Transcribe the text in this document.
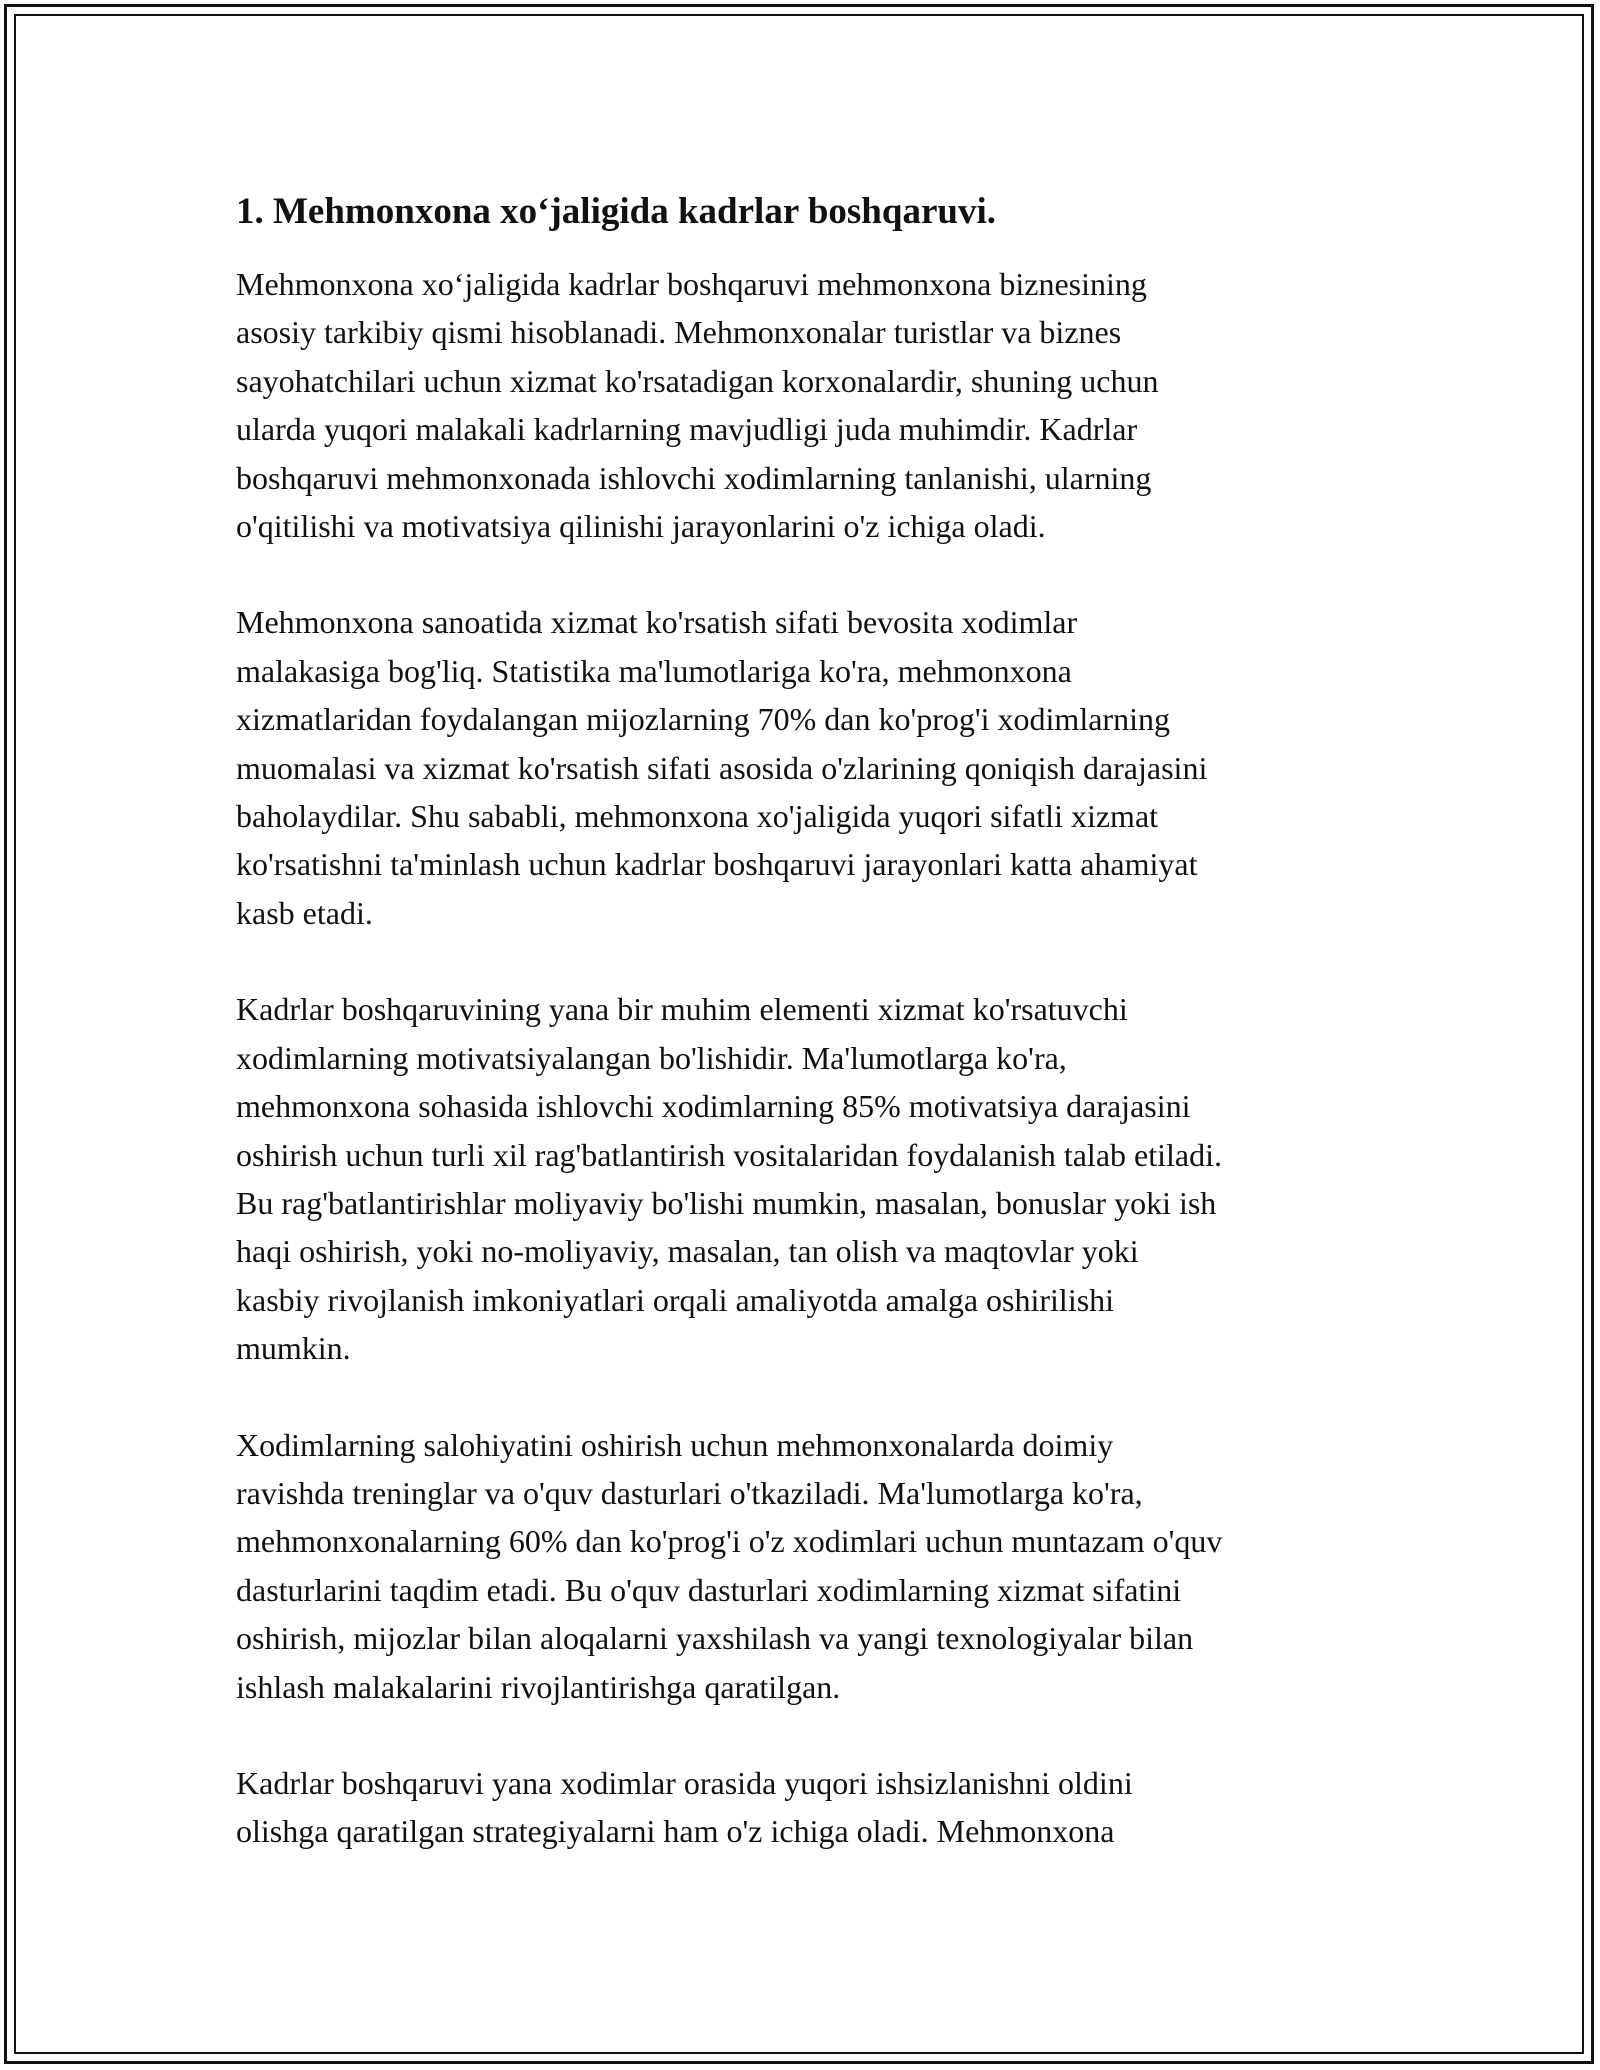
1. Mehmonxona xo‘jaligida kadrlar boshqaruvi.

Mehmonxona xo‘jaligida kadrlar boshqaruvi mehmonxona biznesining
asosiy tarkibiy qismi hisoblanadi. Mehmonxonalar turistlar va biznes
sayohatchilari uchun xizmat ko'rsatadigan korxonalardir, shuning uchun
ularda yuqori malakali kadrlarning mavjudligi juda muhimdir. Kadrlar
boshqaruvi mehmonxonada ishlovchi xodimlarning tanlanishi, ularning
o'qitilishi va motivatsiya qilinishi jarayonlarini o'z ichiga oladi.

Mehmonxona sanoatida xizmat ko'rsatish sifati bevosita xodimlar
malakasiga bog'liq. Statistika ma'lumotlariga ko'ra, mehmonxona
xizmatlaridan foydalangan mijozlarning 70% dan ko'prog'i xodimlarning
muomalasi va xizmat ko'rsatish sifati asosida o'zlarining qoniqish darajasini
baholaydilar. Shu sababli, mehmonxona xo'jaligida yuqori sifatli xizmat
ko'rsatishni ta'minlash uchun kadrlar boshqaruvi jarayonlari katta ahamiyat
kasb etadi.

Kadrlar boshqaruvining yana bir muhim elementi xizmat ko'rsatuvchi
xodimlarning motivatsiyalangan bo'lishidir. Ma'lumotlarga ko'ra,
mehmonxona sohasida ishlovchi xodimlarning 85% motivatsiya darajasini
oshirish uchun turli xil rag'batlantirish vositalaridan foydalanish talab etiladi.
Bu rag'batlantirishlar moliyaviy bo'lishi mumkin, masalan, bonuslar yoki ish
haqi oshirish, yoki no-moliyaviy, masalan, tan olish va maqtovlar yoki
kasbiy rivojlanish imkoniyatlari orqali amaliyotda amalga oshirilishi
mumkin.

Xodimlarning salohiyatini oshirish uchun mehmonxonalarda doimiy
ravishda treninglar va o'quv dasturlari o'tkaziladi. Ma'lumotlarga ko'ra,
mehmonxonalarning 60% dan ko'prog'i o'z xodimlari uchun muntazam o'quv
dasturlarini taqdim etadi. Bu o'quv dasturlari xodimlarning xizmat sifatini
oshirish, mijozlar bilan aloqalarni yaxshilash va yangi texnologiyalar bilan
ishlash malakalarini rivojlantirishga qaratilgan.

Kadrlar boshqaruvi yana xodimlar orasida yuqori ishsizlanishni oldini
olishga qaratilgan strategiyalarni ham o'z ichiga oladi. Mehmonxona
